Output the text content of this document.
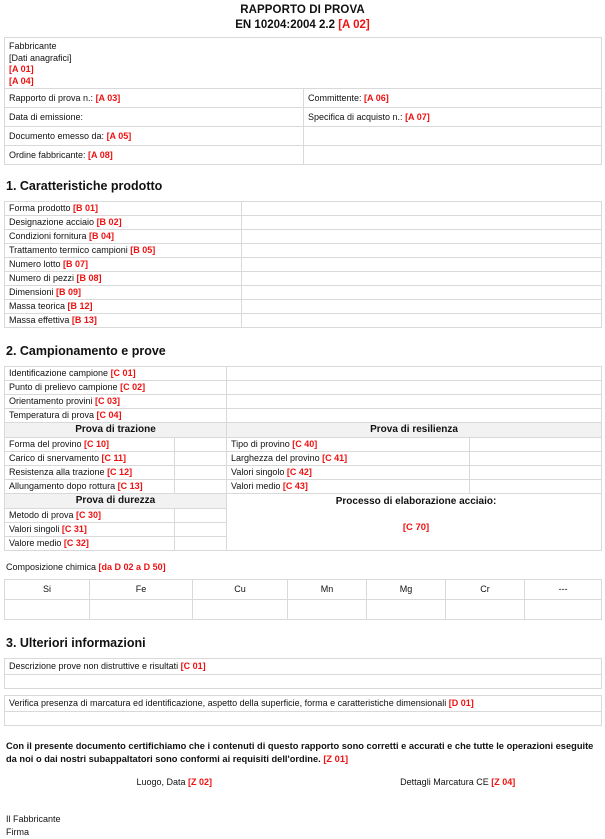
RAPPORTO DI PROVA
EN 10204:2004 2.2 [A 02]
Fabbricante
[Dati anagrafici]
[A 01]
[A 04]	

Rapporto di prova n.: [A 03]	Committente: [A 06]
Data di emissione:	Specifica di acquisto n.: [A 07]
Documento emesso da: [A 05]	
Ordine fabbricante: [A 08]	
1. Caratteristiche prodotto
Forma prodotto [B 01]	
Designazione acciaio [B 02]	
Condizioni fornitura [B 04]	
Trattamento termico campioni [B 05]	
Numero lotto [B 07]	
Numero di pezzi [B 08]	
Dimensioni [B 09]	
Massa teorica [B 12]	
Massa effettiva [B 13]	
2. Campionamento e prove
Identificazione campione [C 01]			
Punto di prelievo campione [C 02]			
Orientamento provini [C 03]			
Temperatura di prova [C 04]			
Prova di trazione		Prova di resilienza	
Forma del provino [C 10]		Tipo di provino [C 40]	
Carico di snervamento [C 11]		Larghezza del provino [C 41]	
Resistenza alla trazione [C 12]		Valori singolo [C 42]	
Allungamento dopo rottura [C 13]		Valori medio [C 43]	
Prova di durezza		Processo di elaborazione acciaio:
[C 70]	

Metodo di prova [C 30]			
Valori singoli [C 31]			
Valore medio [C 32]			
Composizione chimica [da D 02 a D 50]
Si	Fe	Cu	Mn	Mg	Cr	---

3. Ulteriori informazioni
Descrizione prove non distruttive e risultati [C 01]

Verifica presenza di marcatura ed identificazione, aspetto della superficie, forma e caratteristiche dimensionali [D 01]

Con il presente documento certifichiamo che i contenuti di questo rapporto sono corretti e accurati e che tutte le operazioni eseguite da noi o dai nostri subappaltatori sono conformi ai requisiti dell'ordine. [Z 01]
Luogo, Data [Z 02]	Dettagli Marcatura CE [Z 04]
Il Fabbricante
Firma
